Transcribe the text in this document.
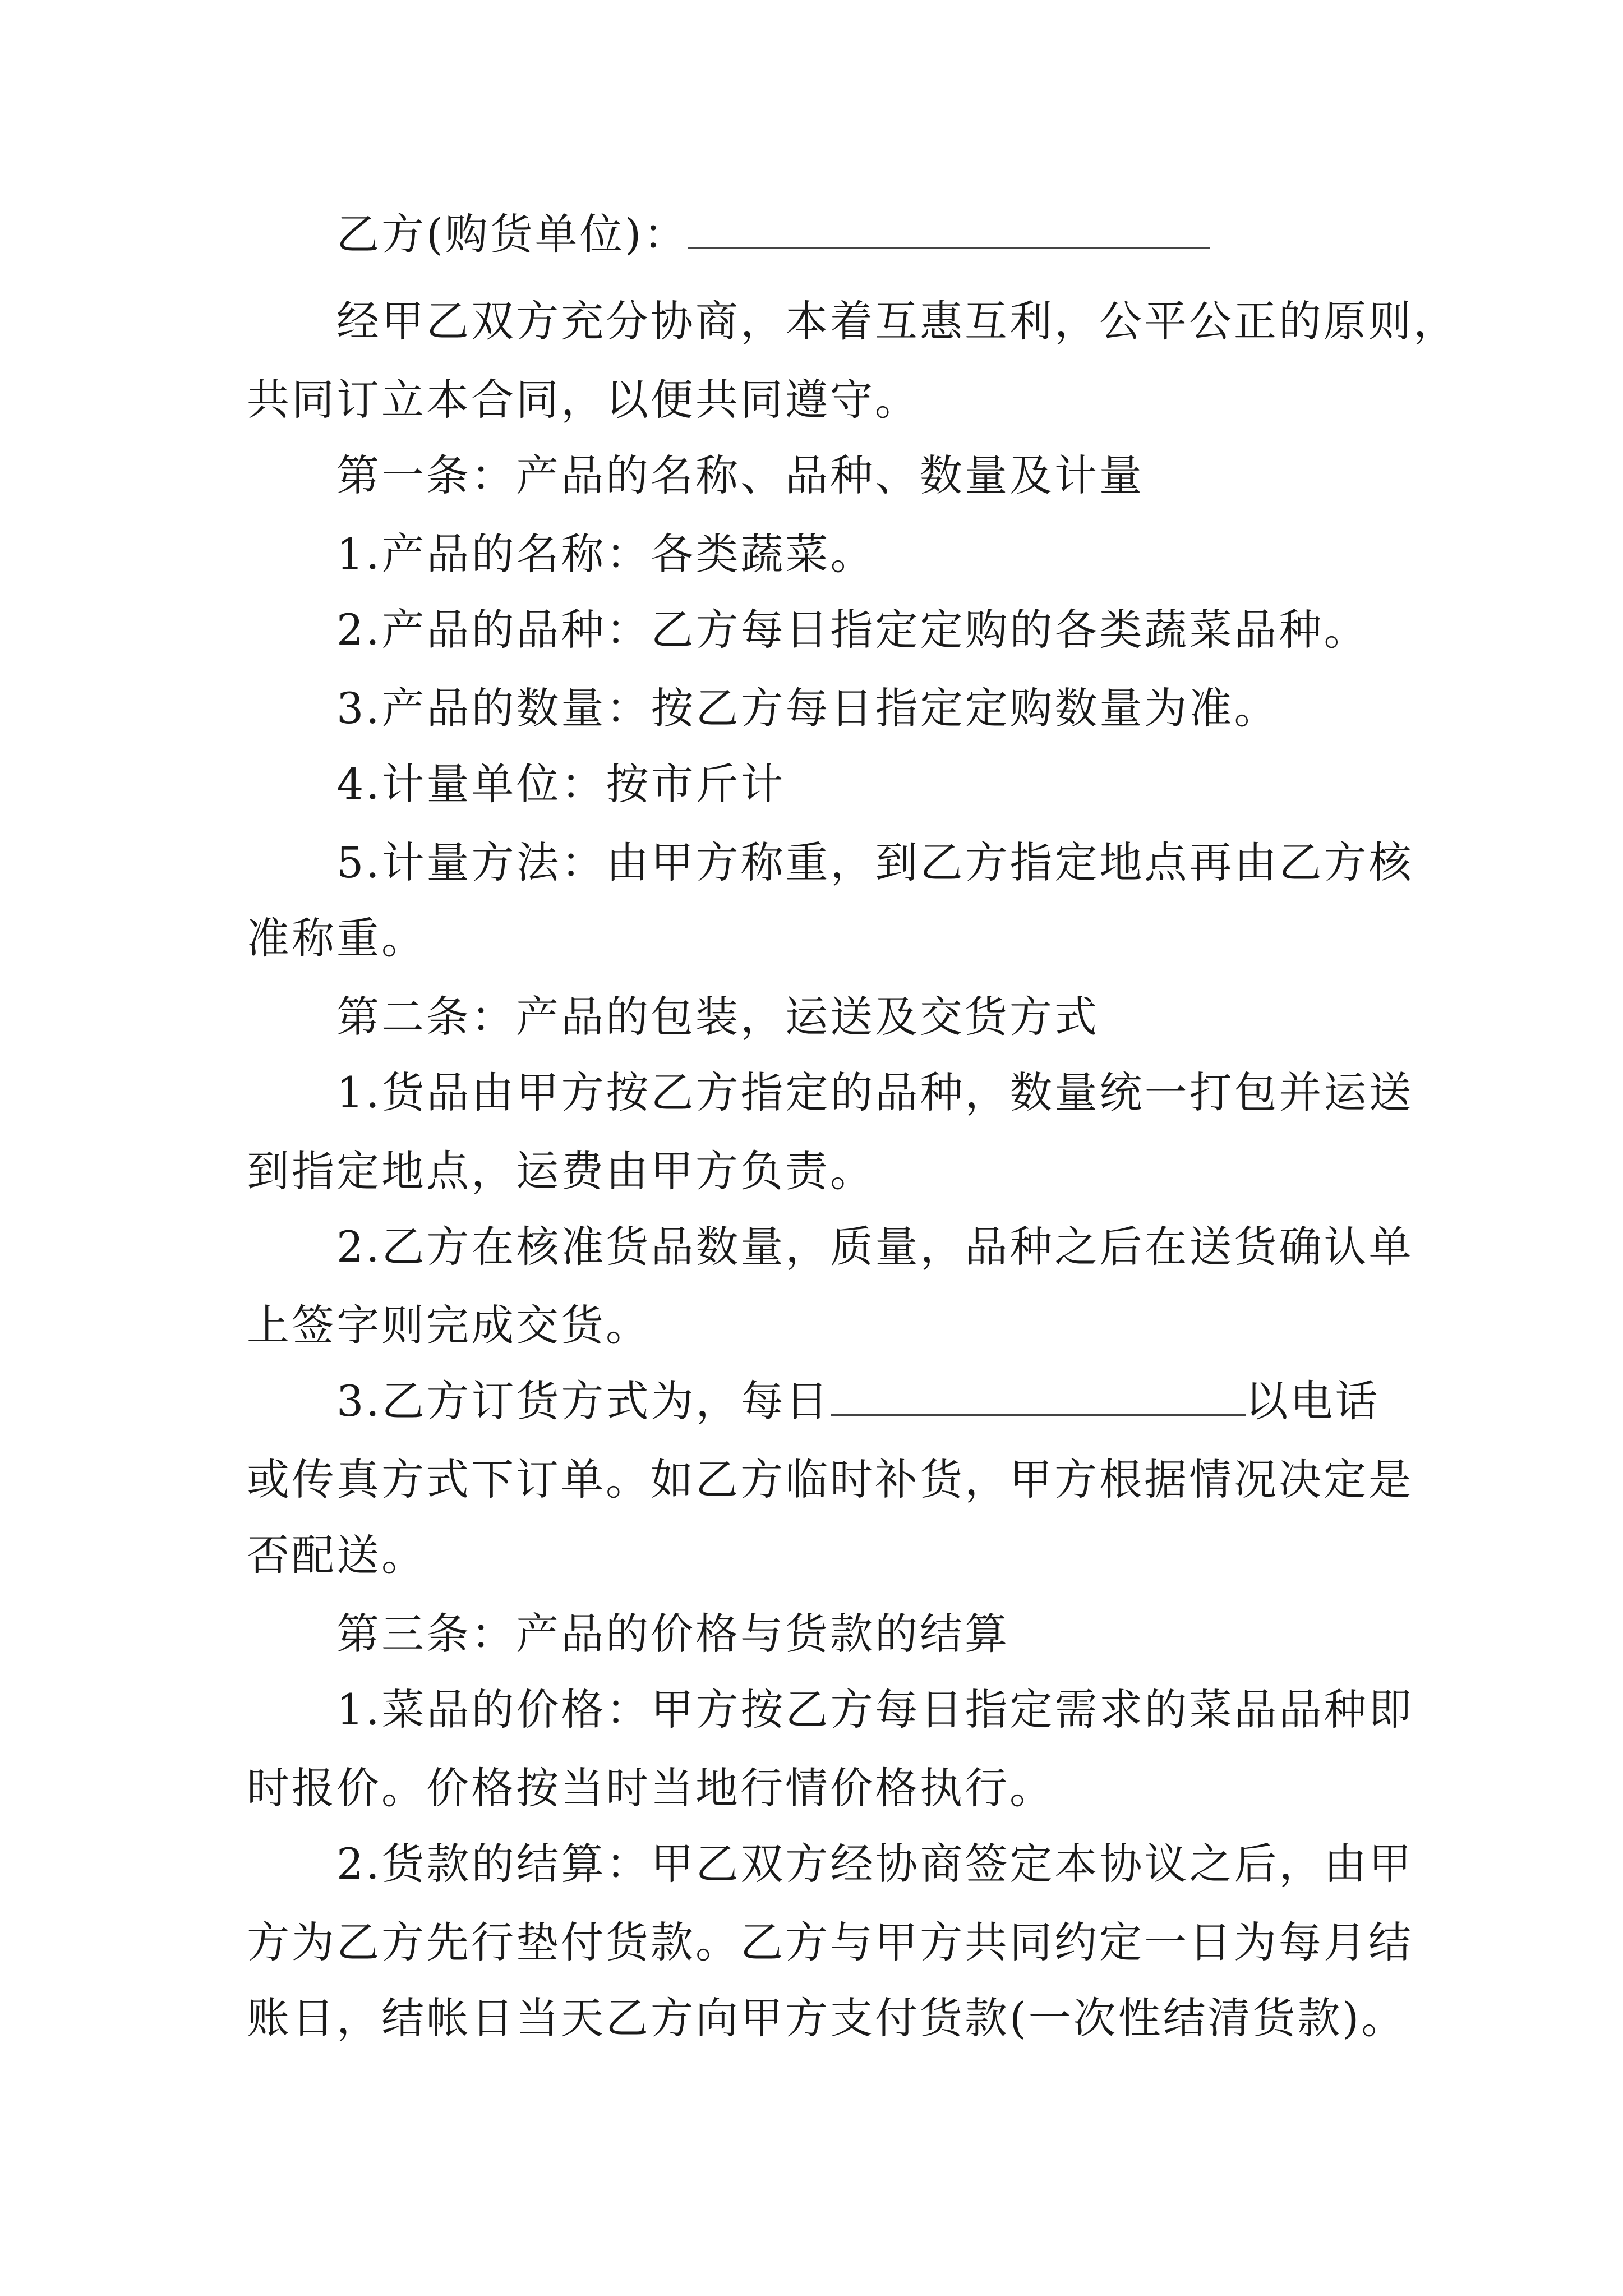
乙方(购货单位)：

经甲乙双方充分协商，本着互惠互利，公平公正的原则，

共同订立本合同，以便共同遵守。

第一条：产品的名称、品种、数量及计量

1.产品的名称：各类蔬菜。

2.产品的品种：乙方每日指定定购的各类蔬菜品种。

3.产品的数量：按乙方每日指定定购数量为准。

4.计量单位：按市斤计

5.计量方法：由甲方称重，到乙方指定地点再由乙方核

准称重。

第二条：产品的包装，运送及交货方式

1.货品由甲方按乙方指定的品种，数量统一打包并运送

到指定地点，运费由甲方负责。

2.乙方在核准货品数量，质量，品种之后在送货确认单

上签字则完成交货。

3.乙方订货方式为，每日	以电话

或传真方式下订单。如乙方临时补货，甲方根据情况决定是

否配送。

第三条：产品的价格与货款的结算

1.菜品的价格：甲方按乙方每日指定需求的菜品品种即

时报价。价格按当时当地行情价格执行。

2.货款的结算：甲乙双方经协商签定本协议之后，由甲

方为乙方先行垫付货款。乙方与甲方共同约定一日为每月结

账日，结帐日当天乙方向甲方支付货款(一次性结清货款)。
